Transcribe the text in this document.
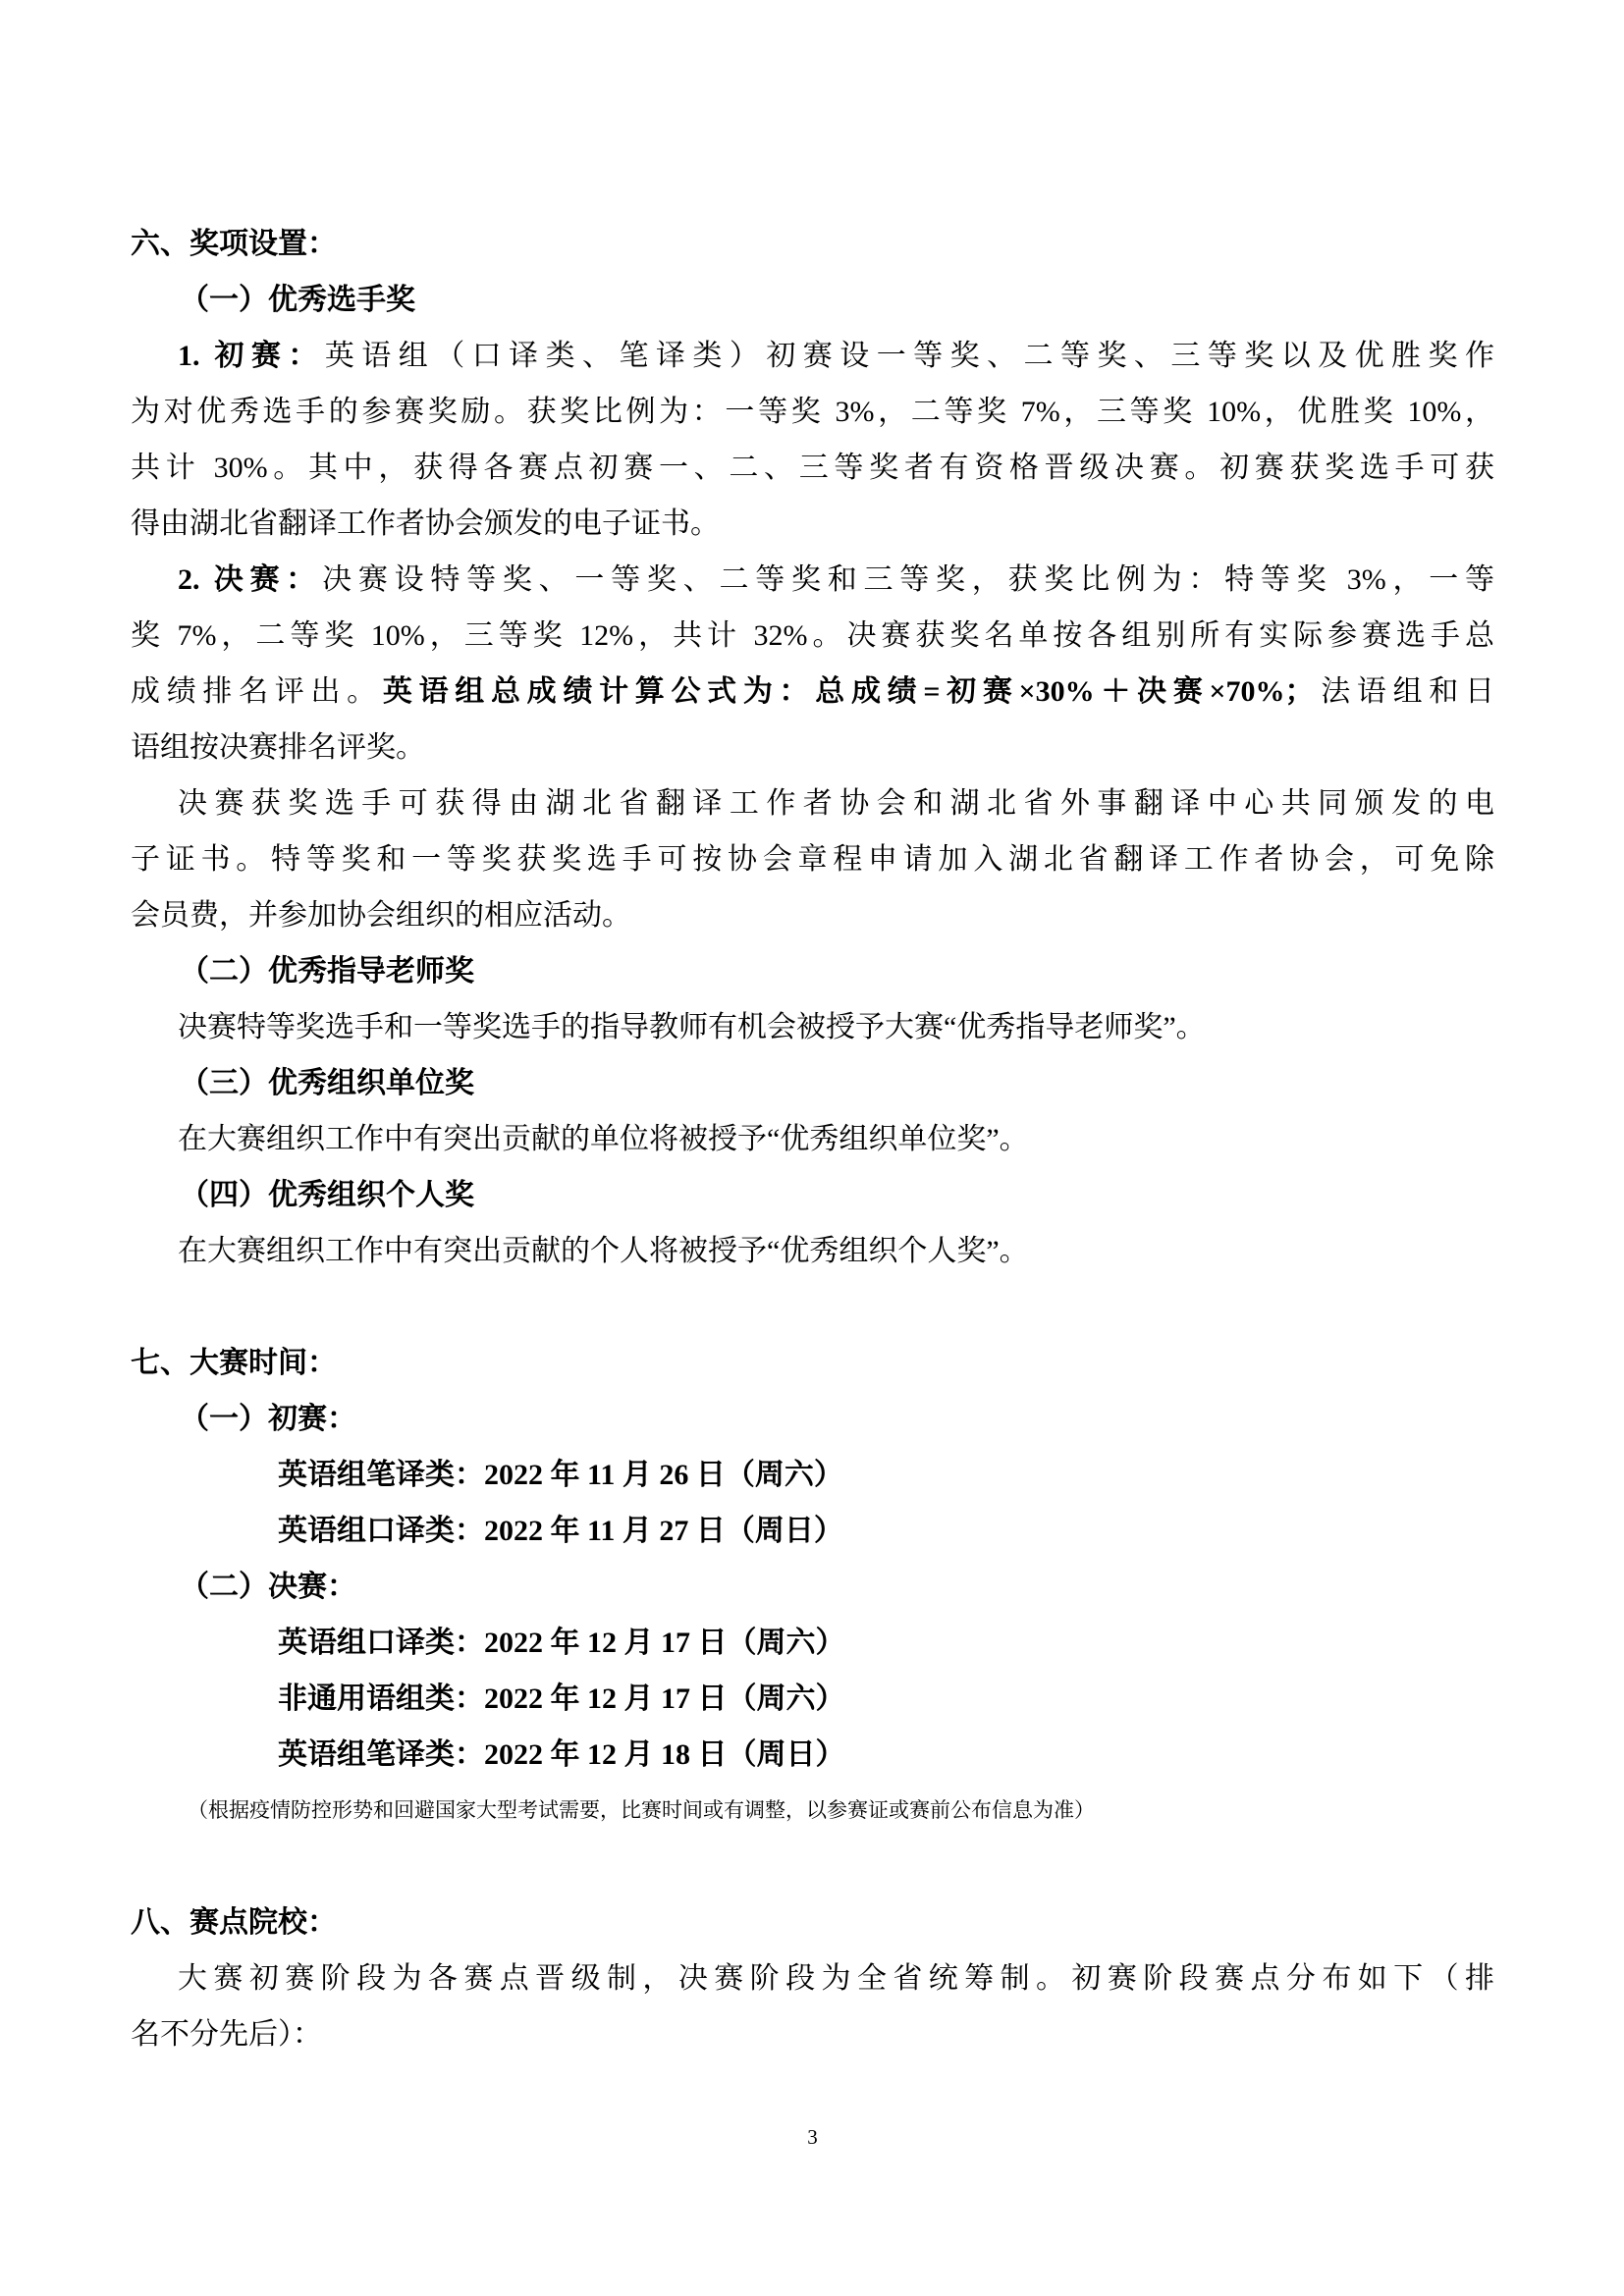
六、奖项设置：
（一）优秀选手奖
1. 初赛：英语组（口译类、笔译类）初赛设一等奖、二等奖、三等奖以及优胜奖作
为对优秀选手的参赛奖励。获奖比例为：一等奖 3%，二等奖 7%，三等奖 10%，优胜奖 10%，
共计 30%。其中，获得各赛点初赛一、二、三等奖者有资格晋级决赛。初赛获奖选手可获
得由湖北省翻译工作者协会颁发的电子证书。
2. 决赛：决赛设特等奖、一等奖、二等奖和三等奖，获奖比例为：特等奖 3%，一等
奖 7%，二等奖 10%，三等奖 12%，共计 32%。决赛获奖名单按各组别所有实际参赛选手总
成绩排名评出。英语组总成绩计算公式为：总成绩=初赛×30%＋决赛×70%；法语组和日
语组按决赛排名评奖。
决赛获奖选手可获得由湖北省翻译工作者协会和湖北省外事翻译中心共同颁发的电
子证书。特等奖和一等奖获奖选手可按协会章程申请加入湖北省翻译工作者协会，可免除
会员费，并参加协会组织的相应活动。
（二）优秀指导老师奖
决赛特等奖选手和一等奖选手的指导教师有机会被授予大赛“优秀指导老师奖”。
（三）优秀组织单位奖
在大赛组织工作中有突出贡献的单位将被授予“优秀组织单位奖”。
（四）优秀组织个人奖
在大赛组织工作中有突出贡献的个人将被授予“优秀组织个人奖”。
七、大赛时间：
（一）初赛：
英语组笔译类：2022 年 11 月 26 日（周六）
英语组口译类：2022 年 11 月 27 日（周日）
（二）决赛：
英语组口译类：2022 年 12 月 17 日（周六）
非通用语组类：2022 年 12 月 17 日（周六）
英语组笔译类：2022 年 12 月 18 日（周日）
（根据疫情防控形势和回避国家大型考试需要，比赛时间或有调整，以参赛证或赛前公布信息为准）
八、赛点院校：
大赛初赛阶段为各赛点晋级制，决赛阶段为全省统筹制。初赛阶段赛点分布如下（排
名不分先后）：
3
